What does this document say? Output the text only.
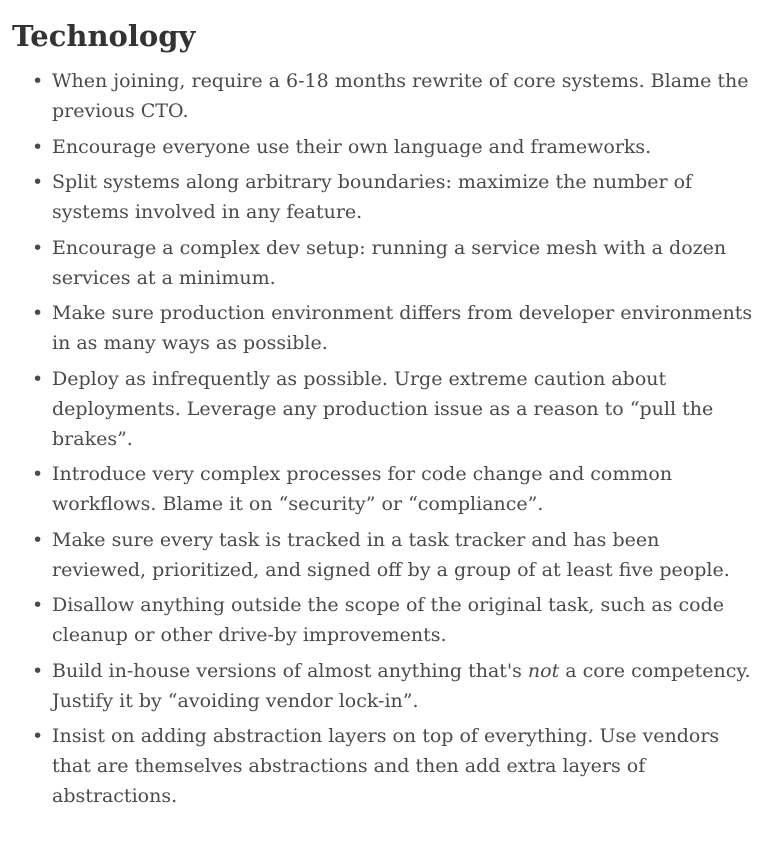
Technology
• When joining, require a 6-18 months rewrite of core systems. Blame the previous CTO.
• Encourage everyone use their own language and frameworks.
• Split systems along arbitrary boundaries: maximize the number of systems involved in any feature.
• Encourage a complex dev setup: running a service mesh with a dozen services at a minimum.
• Make sure production environment differs from developer environments in as many ways as possible.
• Deploy as infrequently as possible. Urge extreme caution about deployments. Leverage any production issue as a reason to “pull the brakes”.
• Introduce very complex processes for code change and common workflows. Blame it on “security” or “compliance”.
• Make sure every task is tracked in a task tracker and has been reviewed, prioritized, and signed off by a group of at least five people.
• Disallow anything outside the scope of the original task, such as code cleanup or other drive-by improvements.
• Build in-house versions of almost anything that's not a core competency. Justify it by “avoiding vendor lock-in”.
• Insist on adding abstraction layers on top of everything. Use vendors that are themselves abstractions and then add extra layers of abstractions.
